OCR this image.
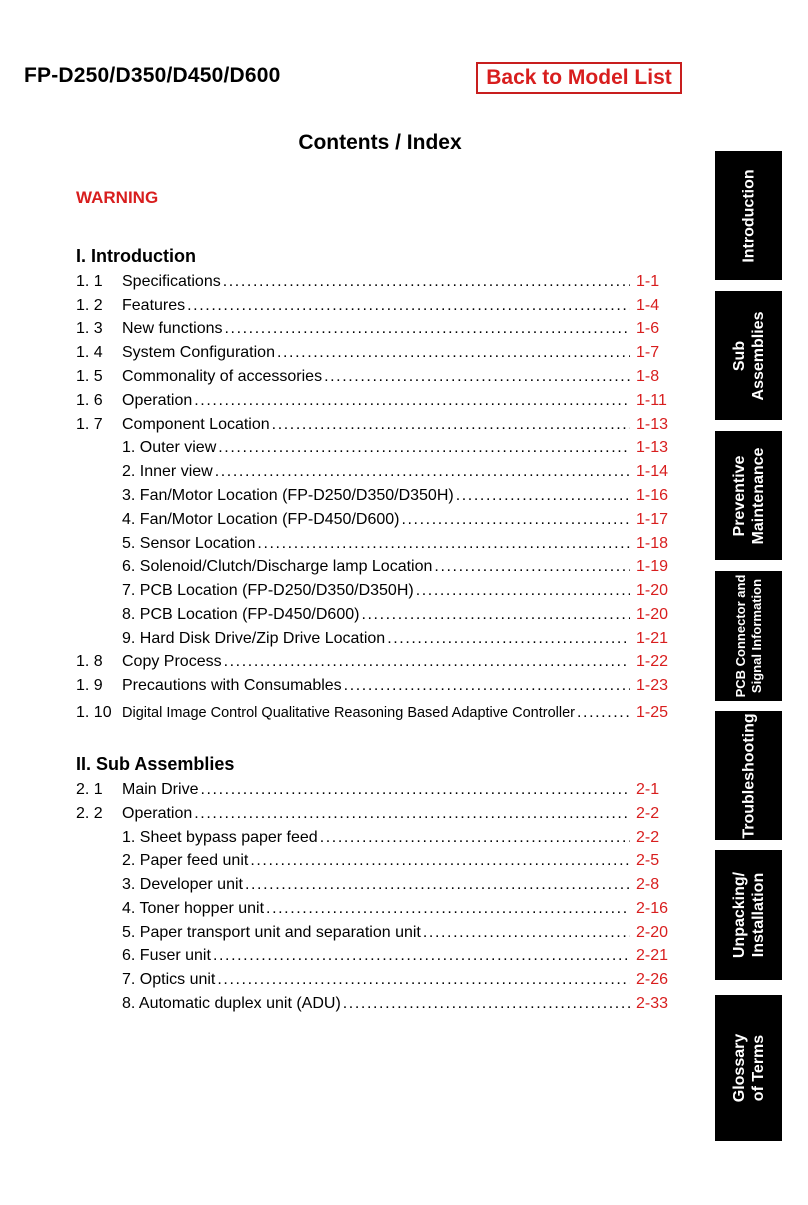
FP-D250/D350/D450/D600	Back to Model List
Contents / Index
WARNING
I. Introduction
1. 1	Specifications .....	1-1
1. 2	Features .....	1-4
1. 3	New functions .....	1-6
1. 4	System Configuration .....	1-7
1. 5	Commonality of accessories .....	1-8
1. 6	Operation .....	1-11
1. 7	Component Location .....	1-13
1. Outer view .....	1-13
2. Inner view .....	1-14
3. Fan/Motor Location (FP-D250/D350/D350H) .....	1-16
4. Fan/Motor Location (FP-D450/D600) .....	1-17
5. Sensor Location .....	1-18
6. Solenoid/Clutch/Discharge lamp Location .....	1-19
7. PCB Location (FP-D250/D350/D350H) .....	1-20
8. PCB Location (FP-D450/D600) .....	1-20
9. Hard Disk Drive/Zip Drive Location .....	1-21
1. 8	Copy Process .....	1-22
1. 9	Precautions with Consumables .....	1-23
1. 10 Digital Image Control Qualitative Reasoning Based Adaptive Controller .....	1-25
II. Sub Assemblies
2. 1	Main Drive .....	2-1
2. 2	Operation .....	2-2
1. Sheet bypass paper feed .....	2-2
2. Paper feed unit .....	2-5
3. Developer unit .....	2-8
4. Toner hopper unit .....	2-16
5. Paper transport unit and separation unit .....	2-20
6. Fuser unit .....	2-21
7. Optics unit .....	2-26
8. Automatic duplex unit (ADU) .....	2-33
Introduction
Sub Assemblies
Preventive Maintenance
PCB Connector and Signal Information
Troubleshooting
Unpacking/ Installation
Glossary of Terms
